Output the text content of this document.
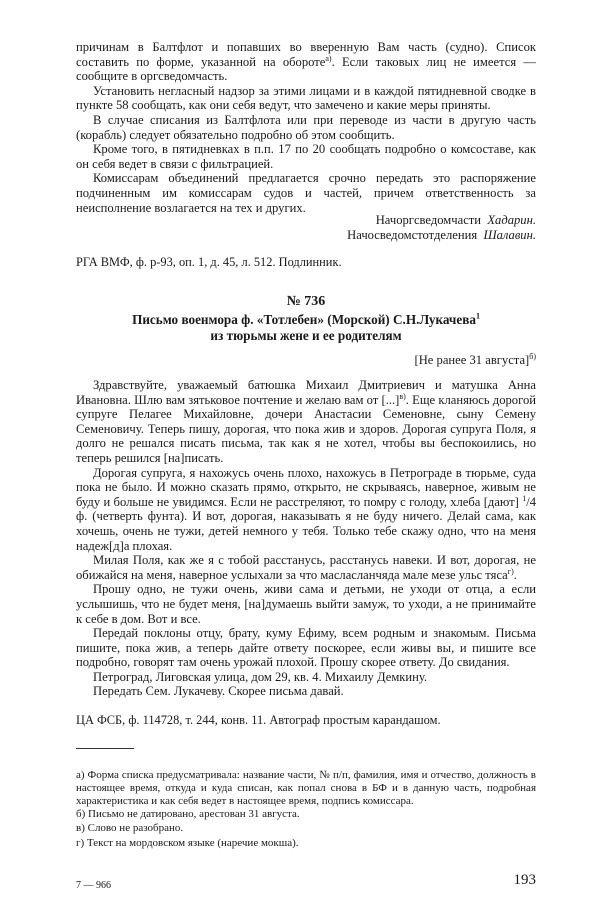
причинам в Балтфлот и попавших во вверенную Вам часть (судно). Список составить по форме, указанной на обороте$^{а)}$. Если таковых лиц не имеется — сообщите в оргсведомчасть.

Установить негласный надзор за этими лицами и в каждой пятидневной сводке в пункте 58 сообщать, как они себя ведут, что замечено и какие меры приняты.

В случае списания из Балтфлота или при переводе из части в другую часть (корабль) следует обязательно подробно об этом сообщить.

Кроме того, в пятидневках в п.п. 17 по 20 сообщать подробно о комсоставе, как он себя ведет в связи с фильтрацией.

Комиссарам объединений предлагается срочно передать это распоряжение подчиненным им комиссарам судов и частей, причем ответственность за неисполнение возлагается на тех и других.

Начоргсведомчасти Хадарин.
Начосведомстотделения Шалавин.
РГА ВМФ, ф. р-93, оп. 1, д. 45, л. 512. Подлинник.
№ 736
Письмо военмора ф. «Тотлебен» (Морской) С.Н.Лукачева$^1$
из тюрьмы жене и ее родителям
[Не ранее 31 августа]$^{б)}$

Здравствуйте, уважаемый батюшка Михаил Дмитриевич и матушка Анна Ивановна. Шлю вам зятьковое почтение и желаю вам от [...]$^{в)}$. Еще кланяюсь дорогой супруге Пелагее Михайловне, дочери Анастасии Семеновне, сыну Семену Семеновичу. Теперь пишу, дорогая, что пока жив и здоров. Дорогая супруга Поля, я долго не решался писать письма, так как я не хотел, чтобы вы беспокоились, но теперь решился [на]писать.

Дорогая супруга, я нахожусь очень плохо, нахожусь в Петрограде в тюрьме, суда пока не было. И можно сказать прямо, открыто, не скрываясь, наверное, живым не буду и больше не увидимся. Если не расстреляют, то помру с голоду, хлеба [дают] $^1$/4 ф. (четверть фунта). И вот, дорогая, наказывать я не буду ничего. Делай сама, как хочешь, очень не тужи, детей немного у тебя. Только тебе скажу одно, что на меня надеж[д]а плохая.

Милая Поля, как же я с тобой расстанусь, расстанусь навеки. И вот, дорогая, не обижайся на меня, наверное услыхали за что масласланчяда мале мезе ульс тяса$^{г)}$.

Прошу одно, не тужи очень, живи сама и детьми, не уходи от отца, а если услышишь, что не будет меня, [на]думаешь выйти замуж, то уходи, а не принимайте к себе в дом. Вот и все.

Передай поклоны отцу, брату, куму Ефиму, всем родным и знакомым. Письма пишите, пока жив, а теперь дайте ответу поскорее, если живы вы, и пишите все подробно, говорят там очень урожай плохой. Прошу скорее ответу. До свидания.

Петроград, Лиговская улица, дом 29, кв. 4. Михаилу Демкину.

Передать Сем. Лукачеву. Скорее письма давай.

ЦА ФСБ, ф. 114728, т. 244, конв. 11. Автограф простым карандашом.
а) Форма списка предусматривала: название части, № п/п, фамилия, имя и отчество, должность в настоящее время, откуда и куда списан, как попал снова в БФ и в данную часть, подробная характеристика и как себя ведет в настоящее время, подпись комиссара.
б) Письмо не датировано, арестован 31 августа.
в) Слово не разобрано.
г) Текст на мордовском языке (наречие мокша).
7 — 966	193
